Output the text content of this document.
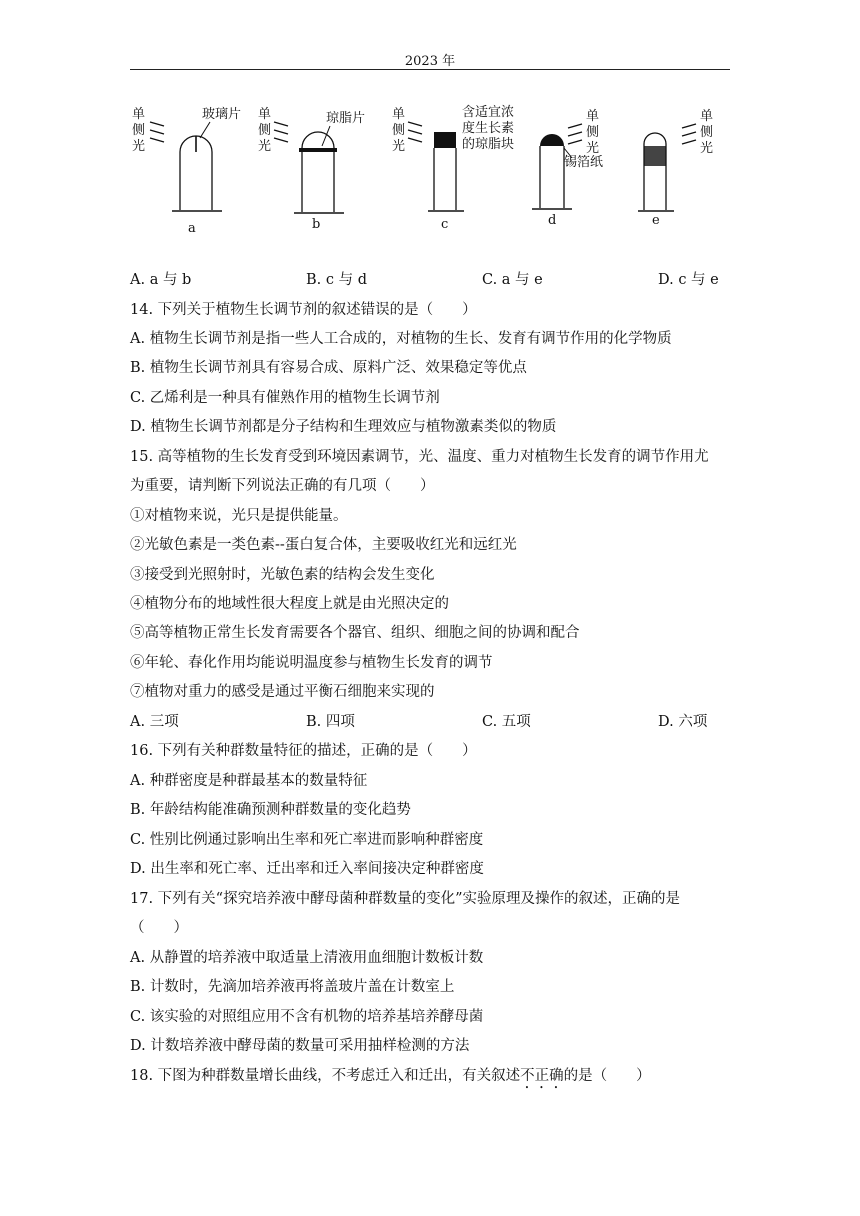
2023 年
单
侧
光
玻璃片
a
单
侧
光
琼脂片
b
单
侧
光
含适宜浓
度生长素
的琼脂块
c
单
侧
光
锡箔纸
d
单
侧
光
e
A. a 与 b	B. c 与 d	C. a 与 e	D. c 与 e
14. 下列关于植物生长调节剂的叙述错误的是（　　）
A. 植物生长调节剂是指一些人工合成的，对植物的生长、发育有调节作用的化学物质
B. 植物生长调节剂具有容易合成、原料广泛、效果稳定等优点
C. 乙烯利是一种具有催熟作用的植物生长调节剂
D. 植物生长调节剂都是分子结构和生理效应与植物激素类似的物质
15. 高等植物的生长发育受到环境因素调节，光、温度、重力对植物生长发育的调节作用尤
为重要，请判断下列说法正确的有几项（　　）
①对植物来说，光只是提供能量。
②光敏色素是一类色素--蛋白复合体，主要吸收红光和远红光
③接受到光照射时，光敏色素的结构会发生变化
④植物分布的地域性很大程度上就是由光照决定的
⑤高等植物正常生长发育需要各个器官、组织、细胞之间的协调和配合
⑥年轮、春化作用均能说明温度参与植物生长发育的调节
⑦植物对重力的感受是通过平衡石细胞来实现的
A. 三项	B. 四项	C. 五项	D. 六项
16. 下列有关种群数量特征的描述，正确的是（　　）
A. 种群密度是种群最基本的数量特征
B. 年龄结构能准确预测种群数量的变化趋势
C. 性别比例通过影响出生率和死亡率进而影响种群密度
D. 出生率和死亡率、迁出率和迁入率间接决定种群密度
17. 下列有关“探究培养液中酵母菌种群数量的变化”实验原理及操作的叙述，正确的是
（　　）
A. 从静置的培养液中取适量上清液用血细胞计数板计数
B. 计数时，先滴加培养液再将盖玻片盖在计数室上
C. 该实验的对照组应用不含有机物的培养基培养酵母菌
D. 计数培养液中酵母菌的数量可采用抽样检测的方法
18. 下图为种群数量增长曲线，不考虑迁入和迁出，有关叙述不正确的是（　　）
